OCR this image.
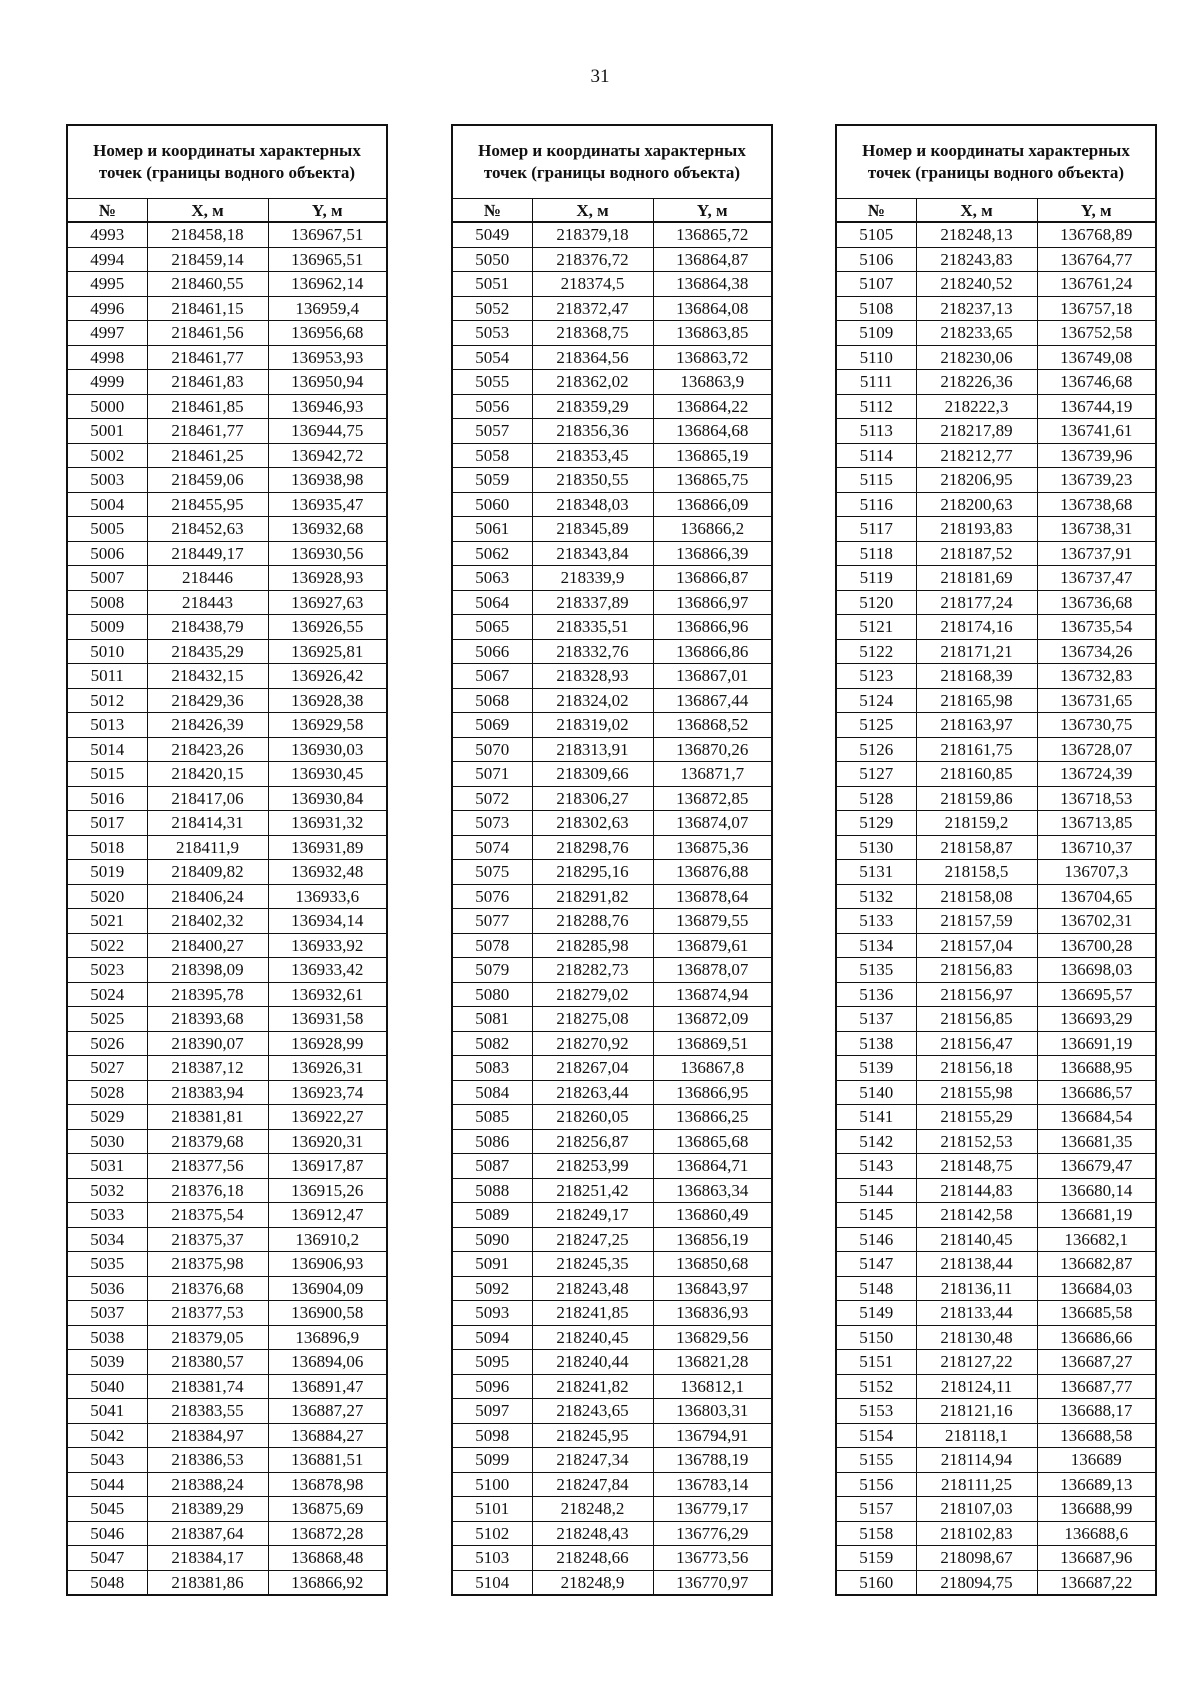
31
Номер и координаты характерных точек (границы водного объекта)		
№	X, м	Y, м
4993	218458,18	136967,51
4994	218459,14	136965,51
4995	218460,55	136962,14
4996	218461,15	136959,4
4997	218461,56	136956,68
4998	218461,77	136953,93
4999	218461,83	136950,94
5000	218461,85	136946,93
5001	218461,77	136944,75
5002	218461,25	136942,72
5003	218459,06	136938,98
5004	218455,95	136935,47
5005	218452,63	136932,68
5006	218449,17	136930,56
5007	218446	136928,93
5008	218443	136927,63
5009	218438,79	136926,55
5010	218435,29	136925,81
5011	218432,15	136926,42
5012	218429,36	136928,38
5013	218426,39	136929,58
5014	218423,26	136930,03
5015	218420,15	136930,45
5016	218417,06	136930,84
5017	218414,31	136931,32
5018	218411,9	136931,89
5019	218409,82	136932,48
5020	218406,24	136933,6
5021	218402,32	136934,14
5022	218400,27	136933,92
5023	218398,09	136933,42
5024	218395,78	136932,61
5025	218393,68	136931,58
5026	218390,07	136928,99
5027	218387,12	136926,31
5028	218383,94	136923,74
5029	218381,81	136922,27
5030	218379,68	136920,31
5031	218377,56	136917,87
5032	218376,18	136915,26
5033	218375,54	136912,47
5034	218375,37	136910,2
5035	218375,98	136906,93
5036	218376,68	136904,09
5037	218377,53	136900,58
5038	218379,05	136896,9
5039	218380,57	136894,06
5040	218381,74	136891,47
5041	218383,55	136887,27
5042	218384,97	136884,27
5043	218386,53	136881,51
5044	218388,24	136878,98
5045	218389,29	136875,69
5046	218387,64	136872,28
5047	218384,17	136868,48
5048	218381,86	136866,92
Номер и координаты характерных точек (границы водного объекта)		
№	X, м	Y, м
5049	218379,18	136865,72
5050	218376,72	136864,87
5051	218374,5	136864,38
5052	218372,47	136864,08
5053	218368,75	136863,85
5054	218364,56	136863,72
5055	218362,02	136863,9
5056	218359,29	136864,22
5057	218356,36	136864,68
5058	218353,45	136865,19
5059	218350,55	136865,75
5060	218348,03	136866,09
5061	218345,89	136866,2
5062	218343,84	136866,39
5063	218339,9	136866,87
5064	218337,89	136866,97
5065	218335,51	136866,96
5066	218332,76	136866,86
5067	218328,93	136867,01
5068	218324,02	136867,44
5069	218319,02	136868,52
5070	218313,91	136870,26
5071	218309,66	136871,7
5072	218306,27	136872,85
5073	218302,63	136874,07
5074	218298,76	136875,36
5075	218295,16	136876,88
5076	218291,82	136878,64
5077	218288,76	136879,55
5078	218285,98	136879,61
5079	218282,73	136878,07
5080	218279,02	136874,94
5081	218275,08	136872,09
5082	218270,92	136869,51
5083	218267,04	136867,8
5084	218263,44	136866,95
5085	218260,05	136866,25
5086	218256,87	136865,68
5087	218253,99	136864,71
5088	218251,42	136863,34
5089	218249,17	136860,49
5090	218247,25	136856,19
5091	218245,35	136850,68
5092	218243,48	136843,97
5093	218241,85	136836,93
5094	218240,45	136829,56
5095	218240,44	136821,28
5096	218241,82	136812,1
5097	218243,65	136803,31
5098	218245,95	136794,91
5099	218247,34	136788,19
5100	218247,84	136783,14
5101	218248,2	136779,17
5102	218248,43	136776,29
5103	218248,66	136773,56
5104	218248,9	136770,97
Номер и координаты характерных точек (границы водного объекта)		
№	X, м	Y, м
5105	218248,13	136768,89
5106	218243,83	136764,77
5107	218240,52	136761,24
5108	218237,13	136757,18
5109	218233,65	136752,58
5110	218230,06	136749,08
5111	218226,36	136746,68
5112	218222,3	136744,19
5113	218217,89	136741,61
5114	218212,77	136739,96
5115	218206,95	136739,23
5116	218200,63	136738,68
5117	218193,83	136738,31
5118	218187,52	136737,91
5119	218181,69	136737,47
5120	218177,24	136736,68
5121	218174,16	136735,54
5122	218171,21	136734,26
5123	218168,39	136732,83
5124	218165,98	136731,65
5125	218163,97	136730,75
5126	218161,75	136728,07
5127	218160,85	136724,39
5128	218159,86	136718,53
5129	218159,2	136713,85
5130	218158,87	136710,37
5131	218158,5	136707,3
5132	218158,08	136704,65
5133	218157,59	136702,31
5134	218157,04	136700,28
5135	218156,83	136698,03
5136	218156,97	136695,57
5137	218156,85	136693,29
5138	218156,47	136691,19
5139	218156,18	136688,95
5140	218155,98	136686,57
5141	218155,29	136684,54
5142	218152,53	136681,35
5143	218148,75	136679,47
5144	218144,83	136680,14
5145	218142,58	136681,19
5146	218140,45	136682,1
5147	218138,44	136682,87
5148	218136,11	136684,03
5149	218133,44	136685,58
5150	218130,48	136686,66
5151	218127,22	136687,27
5152	218124,11	136687,77
5153	218121,16	136688,17
5154	218118,1	136688,58
5155	218114,94	136689
5156	218111,25	136689,13
5157	218107,03	136688,99
5158	218102,83	136688,6
5159	218098,67	136687,96
5160	218094,75	136687,22
